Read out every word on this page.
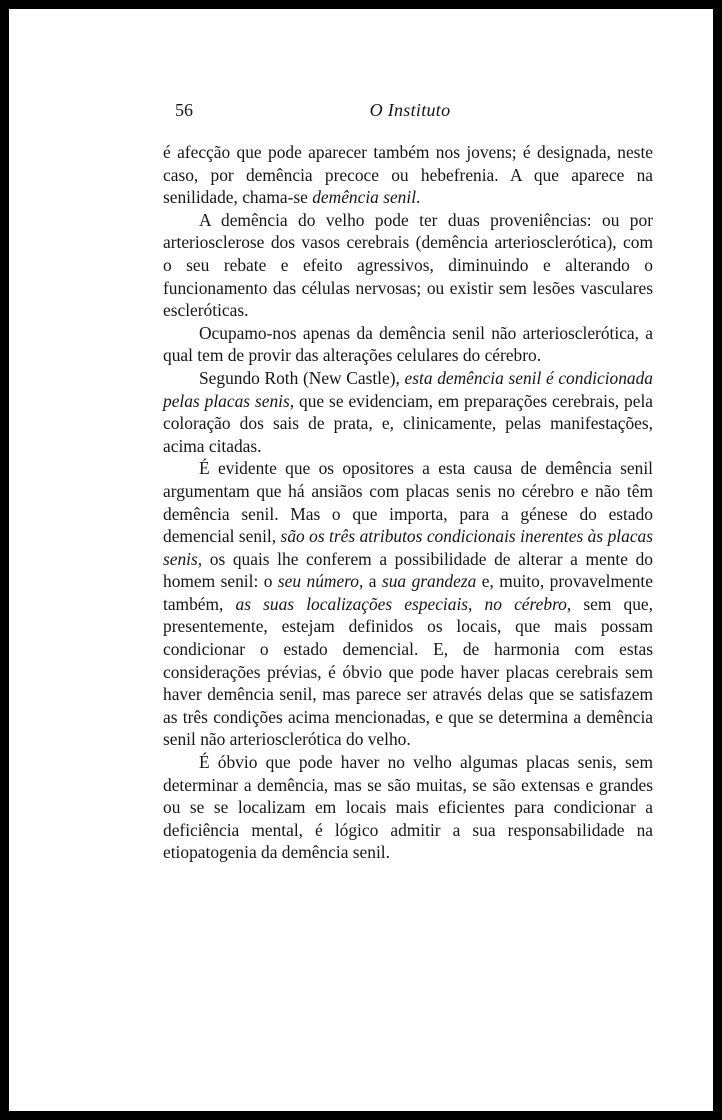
56	O Instituto

é afecção que pode aparecer também nos jovens; é designada, neste caso, por demência precoce ou hebefrenia. A que aparece na senilidade, chama-se demência senil.

A demência do velho pode ter duas proveniências: ou por arteriosclerose dos vasos cerebrais (demência arteriosclerótica), com o seu rebate e efeito agressivos, diminuindo e alterando o funcionamento das células nervosas; ou existir sem lesões vasculares escleróticas.

Ocupamo-nos apenas da demência senil não arteriosclerótica, a qual tem de provir das alterações celulares do cérebro.

Segundo Roth (New Castle), esta demência senil é condicionada pelas placas senis, que se evidenciam, em preparações cerebrais, pela coloração dos sais de prata, e, clinicamente, pelas manifestações, acima citadas.

É evidente que os opositores a esta causa de demência senil argumentam que há ansiãos com placas senis no cérebro e não têm demência senil. Mas o que importa, para a génese do estado demencial senil, são os três atributos condicionais inerentes às placas senis, os quais lhe conferem a possibilidade de alterar a mente do homem senil: o seu número, a sua grandeza e, muito, provavelmente também, as suas localizações especiais, no cérebro, sem que, presentemente, estejam definidos os locais, que mais possam condicionar o estado demencial. E, de harmonia com estas considerações prévias, é óbvio que pode haver placas cerebrais sem haver demência senil, mas parece ser através delas que se satisfazem as três condições acima mencionadas, e que se determina a demência senil não arteriosclerótica do velho.

É óbvio que pode haver no velho algumas placas senis, sem determinar a demência, mas se são muitas, se são extensas e grandes ou se se localizam em locais mais eficientes para condicionar a deficiência mental, é lógico admitir a sua responsabilidade na etiopatogenia da demência senil.
